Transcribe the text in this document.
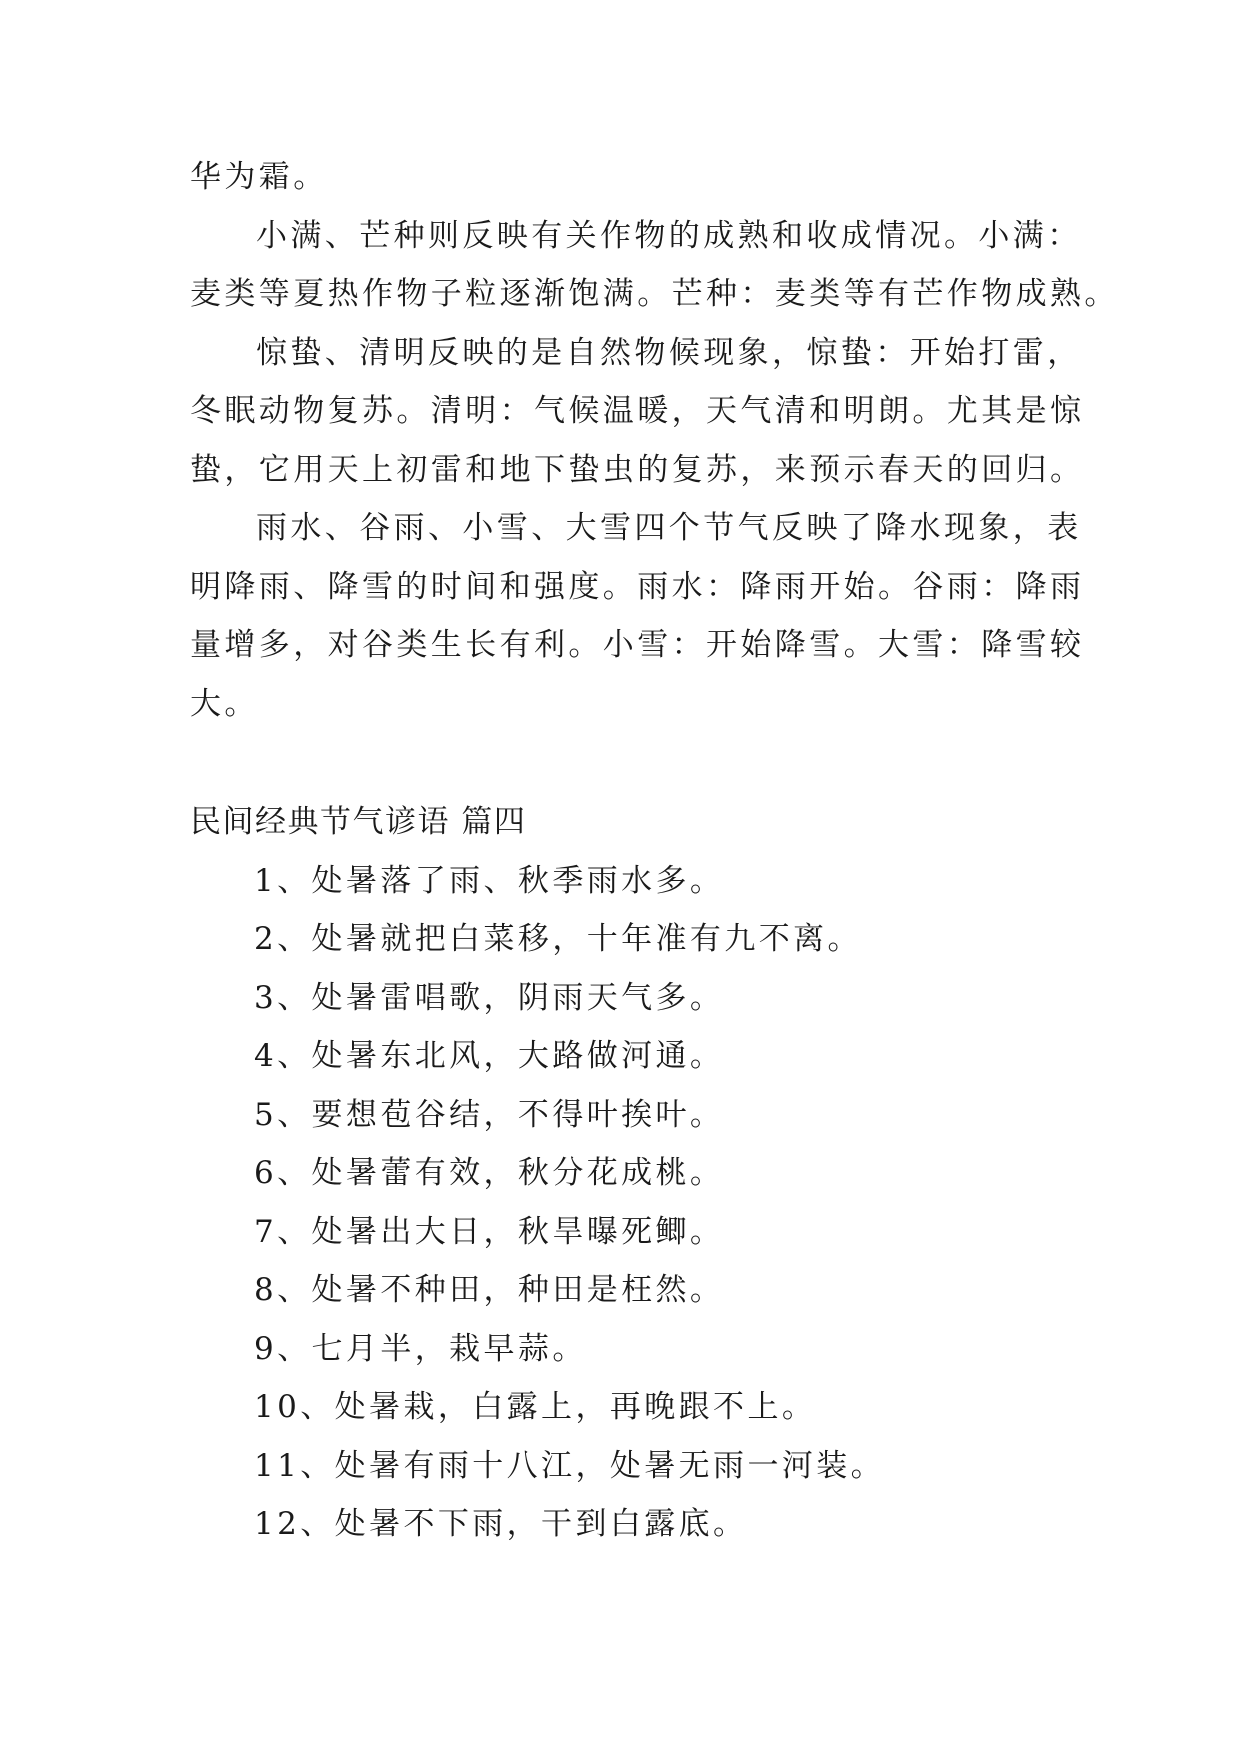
华为霜。
小满、芒种则反映有关作物的成熟和收成情况。小满：
麦类等夏热作物子粒逐渐饱满。芒种：麦类等有芒作物成熟。
惊蛰、清明反映的是自然物候现象，惊蛰：开始打雷，
冬眠动物复苏。清明：气候温暖，天气清和明朗。尤其是惊
蛰，它用天上初雷和地下蛰虫的复苏，来预示春天的回归。
雨水、谷雨、小雪、大雪四个节气反映了降水现象，表
明降雨、降雪的时间和强度。雨水：降雨开始。谷雨：降雨
量增多，对谷类生长有利。小雪：开始降雪。大雪：降雪较
大。
民间经典节气谚语 篇四
1、处暑落了雨、秋季雨水多。
2、处暑就把白菜移，十年准有九不离。
3、处暑雷唱歌，阴雨天气多。
4、处暑东北风，大路做河通。
5、要想苞谷结，不得叶挨叶。
6、处暑蕾有效，秋分花成桃。
7、处暑出大日，秋旱曝死鲫。
8、处暑不种田，种田是枉然。
9、七月半，栽早蒜。
10、处暑栽，白露上，再晚跟不上。
11、处暑有雨十八江，处暑无雨一河装。
12、处暑不下雨，干到白露底。
